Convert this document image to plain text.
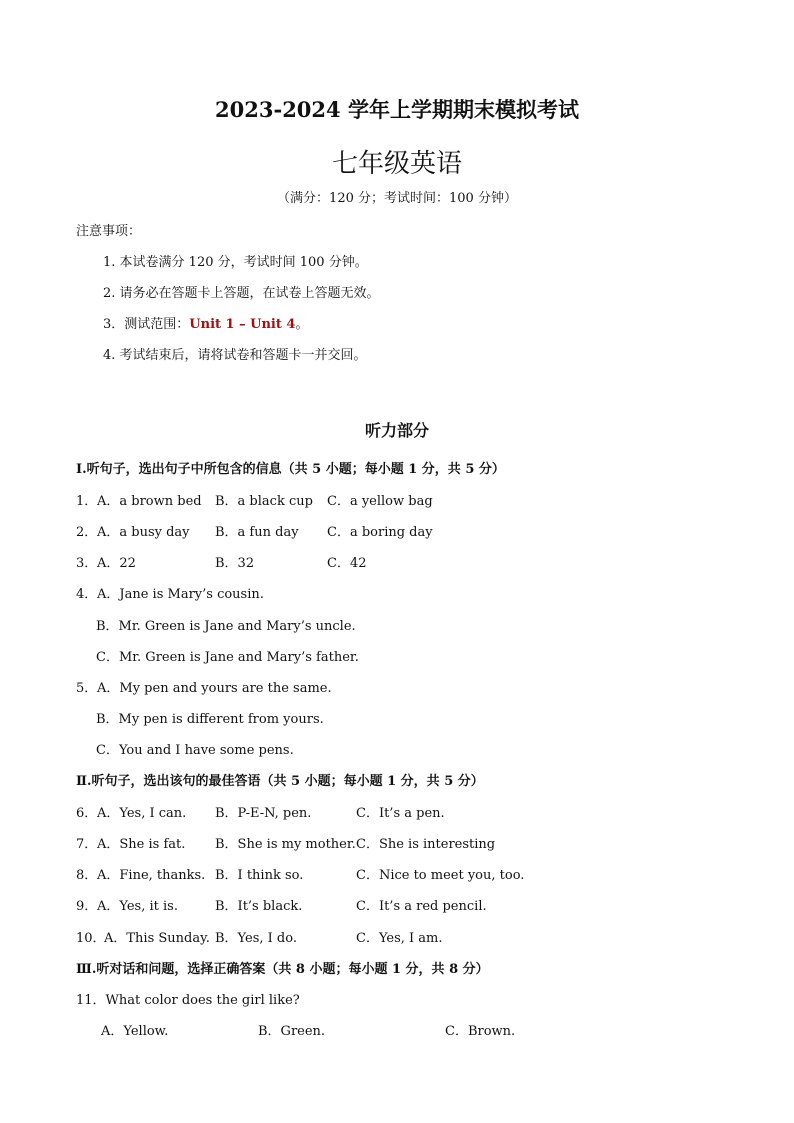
2023-2024 学年上学期期末模拟考试
七年级英语
（满分：120 分；考试时间：100 分钟）
注意事项：
1. 本试卷满分 120 分，考试时间 100 分钟。
2. 请务必在答题卡上答题，在试卷上答题无效。
3．测试范围：Unit 1 – Unit 4。
4. 考试结束后，请将试卷和答题卡一并交回。
听力部分
Ⅰ.听句子，选出句子中所包含的信息（共 5 小题；每小题 1 分，共 5 分）
1． A．a brown bed B．a black cup C．a yellow bag
2． A．a busy day B．a fun day C．a boring day
3． A．22	B．32	C．42
4． A．Jane is Mary’s cousin.
B．Mr. Green is Jane and Mary’s uncle.
C．Mr. Green is Jane and Mary’s father.
5． A．My pen and yours are the same.
B．My pen is different from yours.
C．You and I have some pens.
Ⅱ.听句子，选出该句的最佳答语（共 5 小题；每小题 1 分，共 5 分）
6． A．Yes, I can. B．P-E-N, pen.	C．It’s a pen.
7． A．She is fat. B．She is my mother. C．She is interesting
8． A．Fine, thanks. B．I think so.	C．Nice to meet you, too.
9． A．Yes, it is.	B．It’s black.	C．It’s a red pencil.
10．
A．This Sunday. B．Yes, I do.	C．Yes, I am.
Ⅲ.听对话和问题，选择正确答案（共 8 小题；每小题 1 分，共 8 分）
11．What color does the girl like?
A．Yellow.	B．Green.	C．Brown.
